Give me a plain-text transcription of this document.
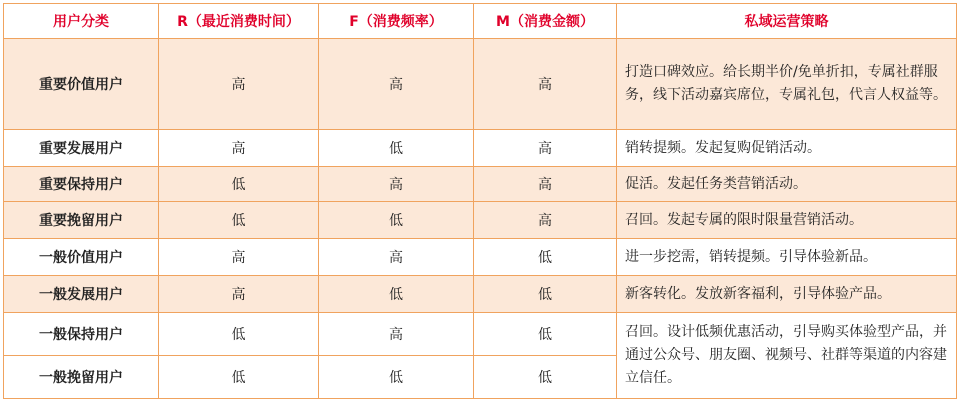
用户分类	R（最近消费时间）	F（消费频率）	M（消费金额）	私域运营策略
重要价值用户	高	高	高	打造口碑效应。给长期半价/免单折扣，专属社群服务，线下活动嘉宾席位，专属礼包，代言人权益等。
重要发展用户	高	低	高	销转提频。发起复购促销活动。
重要保持用户	低	高	高	促活。发起任务类营销活动。
重要挽留用户	低	低	高	召回。发起专属的限时限量营销活动。
一般价值用户	高	高	低	进一步挖需，销转提频。引导体验新品。
一般发展用户	高	低	低	新客转化。发放新客福利，引导体验产品。
一般保持用户	低	高	低	召回。设计低频优惠活动，引导购买体验型产品，并通过公众号、朋友圈、视频号、社群等渠道的内容建立信任。
一般挽留用户	低	低	低	
